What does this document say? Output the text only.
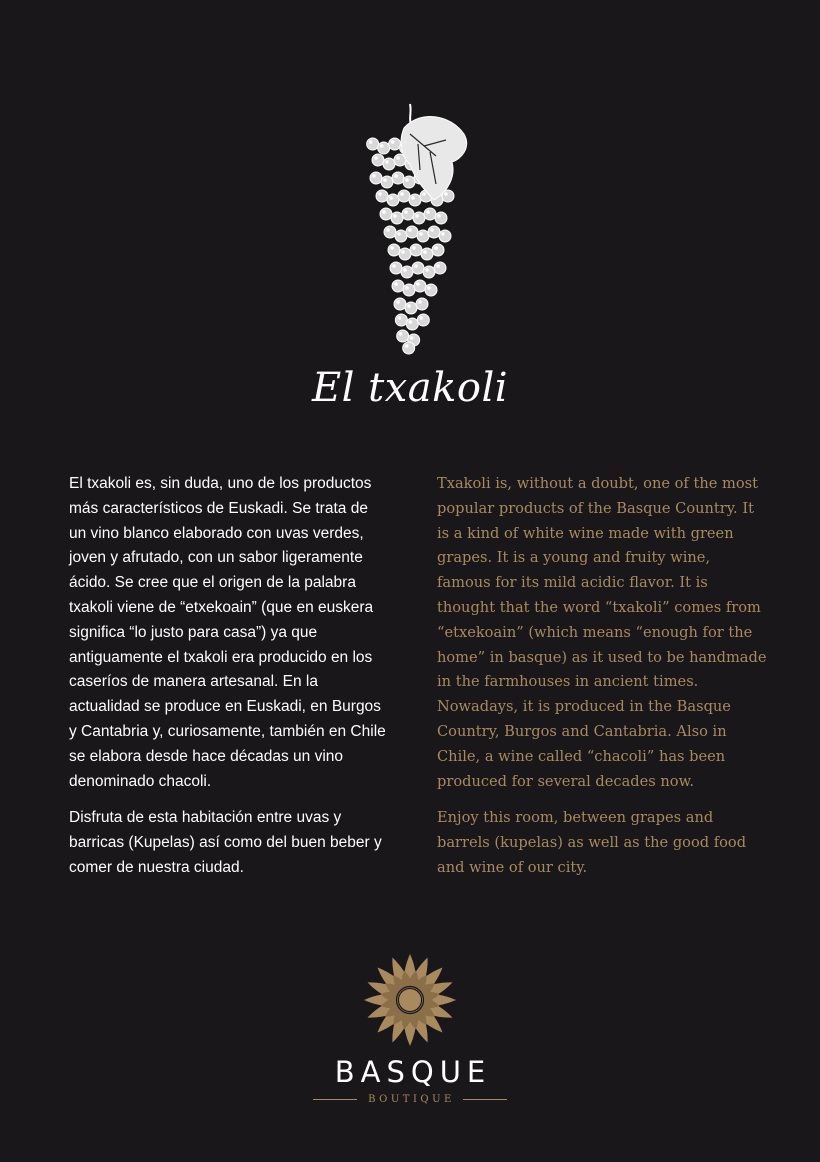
El txakoli

El txakoli es, sin duda, uno de los productos más característicos de Euskadi. Se trata de un vino blanco elaborado con uvas verdes, joven y afrutado, con un sabor ligeramente ácido. Se cree que el origen de la palabra txakoli viene de “etxekoain” (que en euskera significa “lo justo para casa”) ya que antiguamente el txakoli era producido en los caseríos de manera artesanal. En la actualidad se produce en Euskadi, en Burgos y Cantabria y, curiosamente, también en Chile se elabora desde hace décadas un vino denominado chacoli.

Disfruta de esta habitación entre uvas y barricas (Kupelas) así como del buen beber y comer de nuestra ciudad.

Txakoli is, without a doubt, one of the most popular products of the Basque Country. It is a kind of white wine made with green grapes. It is a young and fruity wine, famous for its mild acidic flavor. It is thought that the word “txakoli” comes from “etxekoain” (which means “enough for the home” in basque) as it used to be handmade in the farmhouses in ancient times. Nowadays, it is produced in the Basque Country, Burgos and Cantabria. Also in Chile, a wine called “chacoli” has been produced for several decades now.

Enjoy this room, between grapes and barrels (kupelas) as well as the good food and wine of our city.

BASQUE
BOUTIQUE
